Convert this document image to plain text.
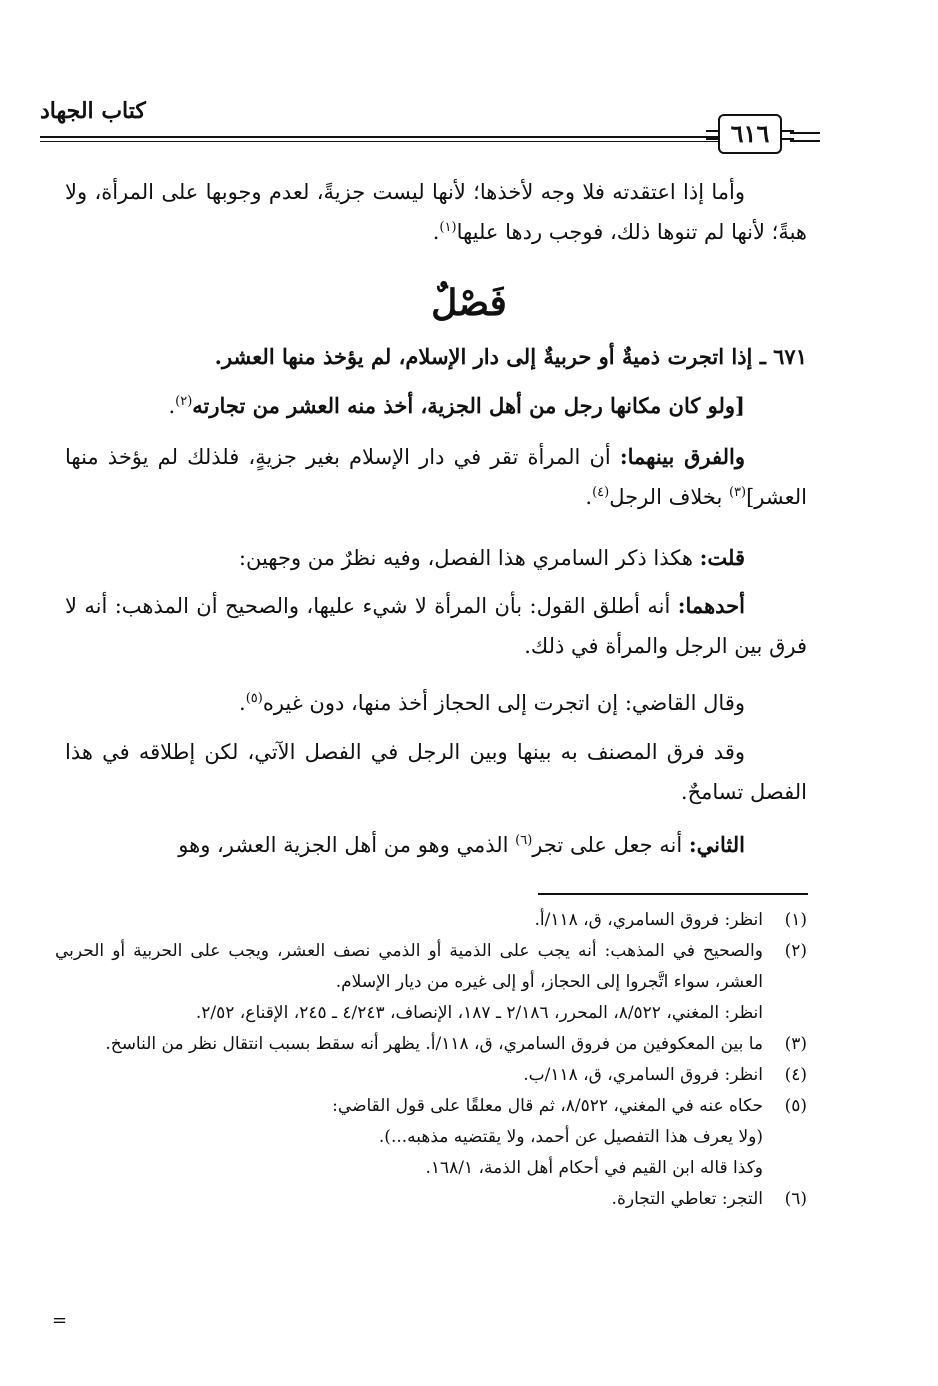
كتاب الجهاد
٦١٦

وأما إذا اعتقدته فلا وجه لأخذها؛ لأنها ليست جزيةً، لعدم وجوبها على المرأة، ولا هبةً؛ لأنها لم تنوها ذلك، فوجب ردها عليها$^{(١)}$.

فَصْلٌ

٦٧١ ـ إذا اتجرت ذميةٌ أو حربيةٌ إلى دار الإسلام، لم يؤخذ منها العشر.

[ولو كان مكانها رجل من أهل الجزية، أخذ منه العشر من تجارته$^{(٢)}$.

والفرق بينهما: أن المرأة تقر في دار الإسلام بغير جزيةٍ، فلذلك لم يؤخذ منها العشر]$^{(٣)}$ بخلاف الرجل$^{(٤)}$.

قلت: هكذا ذكر السامري هذا الفصل، وفيه نظرٌ من وجهين:

أحدهما: أنه أطلق القول: بأن المرأة لا شيء عليها، والصحيح أن المذهب: أنه لا فرق بين الرجل والمرأة في ذلك.

وقال القاضي: إن اتجرت إلى الحجاز أخذ منها، دون غيره$^{(٥)}$.

وقد فرق المصنف به بينها وبين الرجل في الفصل الآتي، لكن إطلاقه في هذا الفصل تسامحٌ.

الثاني: أنه جعل على تجر$^{(٦)}$ الذمي وهو من أهل الجزية العشر، وهو

(١)
انظر: فروق السامري، ق، ١١٨/أ.
(٢)
والصحيح في المذهب: أنه يجب على الذمية أو الذمي نصف العشر، ويجب على الحربية أو الحربي العشر، سواء اتَّجروا إلى الحجاز، أو إلى غيره من ديار الإسلام.
انظر: المغني، ٨/٥٢٢، المحرر، ٢/١٨٦ ـ ١٨٧، الإنصاف، ٤/٢٤٣ ـ ٢٤٥، الإقناع، ٢/٥٢.
(٣)
ما بين المعكوفين من فروق السامري، ق، ١١٨/أ. يظهر أنه سقط بسبب انتقال نظر من الناسخ.
(٤)
انظر: فروق السامري، ق، ١١٨/ب.
(٥)
حكاه عنه في المغني، ٨/٥٢٢، ثم قال معلقًا على قول القاضي:
(ولا يعرف هذا التفصيل عن أحمد، ولا يقتضيه مذهبه...).
وكذا قاله ابن القيم في أحكام أهل الذمة، ١٦٨/١.
(٦)
التجر: تعاطي التجارة.
=
